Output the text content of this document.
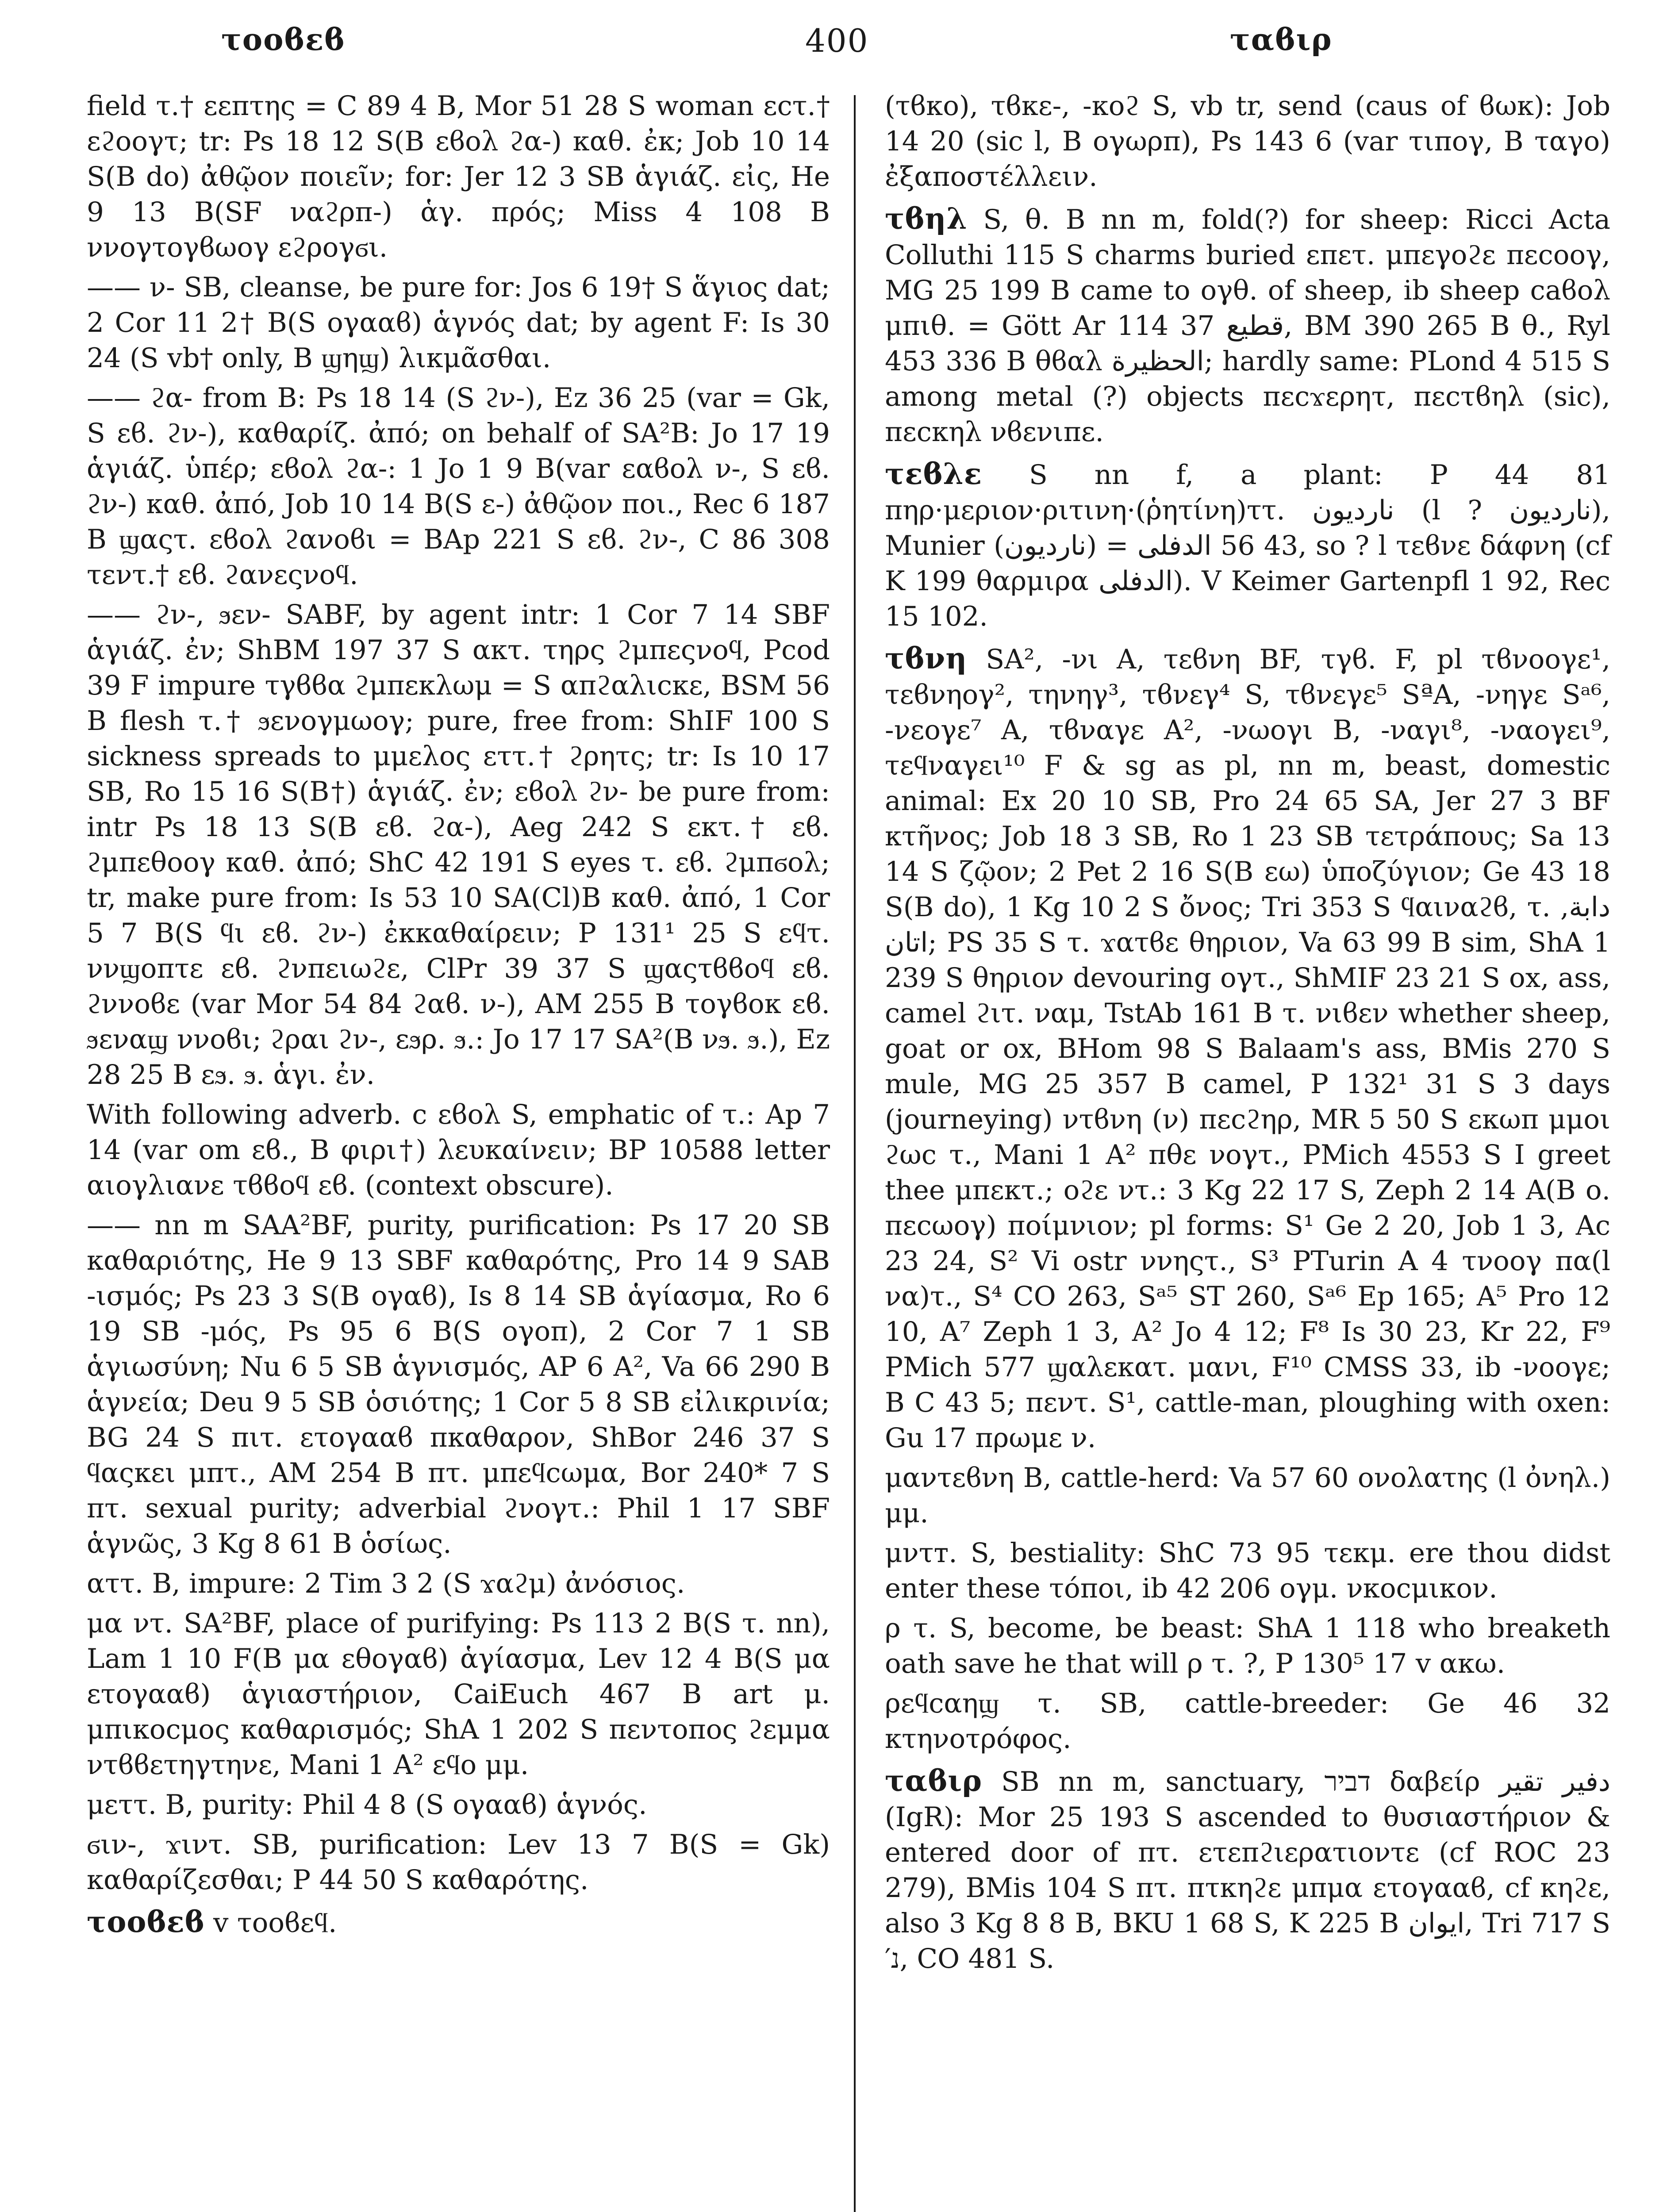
τοοϐεϐ	400	ταϐιρ

field τ.† εεπτης = C 89 4 B, Mor 51 28 S woman εcτ.† εϩοογτ; tr: Ps 18 12 S(B εϐολ ϩα-) καθ. ἐκ; Job 10 14 S(B do) ἀθῷον ποιεῖν; for: Jer 12 3 SB ἁγιάζ. εἰς, He 9 13 B(SF ναϩρπ-) ἁγ. πρός; Miss 4 108 B ννογτογϐωογ εϩρογϭι.

—— ν- SB, cleanse, be pure for: Jos 6 19† S ἅγιος dat; 2 Cor 11 2† B(S ογααϐ) ἁγνός dat; by agent F: Is 30 24 (S vb† only, B ϣηϣ) λικμᾶσθαι.

—— ϩα- from B: Ps 18 14 (S ϩν-), Ez 36 25 (var = Gk, S εϐ. ϩν-), καθαρίζ. ἀπό; on behalf of SA²B: Jo 17 19 ἁγιάζ. ὑπέρ; εϐολ ϩα-: 1 Jo 1 9 B(var εαϐολ ν-, S εϐ. ϩν-) καθ. ἀπό, Job 10 14 B(S ε-) ἀθῷον ποι., Rec 6 187 B ϣαςτ. εϐολ ϩανοϐι = BAp 221 S εϐ. ϩν-, C 86 308 τεντ.† εϐ. ϩανεςνοϥ.

—— ϩν-, ϧεν- SABF, by agent intr: 1 Cor 7 14 SBF ἁγιάζ. ἐν; ShBM 197 37 S ακτ. τηρς ϩμπεςνοϥ, Pcod 39 F impure τγϐϐα ϩμπεκλωμ = S απϩαλιcκε, BSM 56 B flesh τ.† ϧενογμωογ; pure, free from: ShIF 100 S sickness spreads to μμελος εττ.† ϩρητς; tr: Is 10 17 SB, Ro 15 16 S(B†) ἁγιάζ. ἐν; εϐολ ϩν- be pure from: intr Ps 18 13 S(B εϐ. ϩα-), Aeg 242 S εκτ.† εϐ. ϩμπεθοογ καθ. ἀπό; ShC 42 191 S eyes τ. εϐ. ϩμπϭολ; tr, make pure from: Is 53 10 SA(Cl)B καθ. ἀπό, 1 Cor 5 7 B(S ϥι εϐ. ϩν-) ἐκκαθαίρειν; P 131¹ 25 S εϥτ. ννϣοπτε εϐ. ϩνπειωϩε, ClPr 39 37 S ϣαςτϐϐοϥ εϐ. ϩννοϐε (var Mor 54 84 ϩαϐ. ν-), AM 255 B τογϐοκ εϐ. ϧεναϣ ννοϐι; ϩραι ϩν-, εϧρ. ϧ.: Jo 17 17 SA²(B νϧ. ϧ.), Ez 28 25 B εϧ. ϧ. ἁγι. ἐν.

With following adverb. c εϐολ S, emphatic of τ.: Ap 7 14 (var om εϐ., B φιρι†) λευκαίνειν; BP 10588 letter αιογλιανε τϐϐοϥ εϐ. (context obscure).

—— nn m SAA²BF, purity, purification: Ps 17 20 SB καθαριότης, He 9 13 SBF καθαρότης, Pro 14 9 SAB -ισμός; Ps 23 3 S(B ογαϐ), Is 8 14 SB ἁγίασμα, Ro 6 19 SB -μός, Ps 95 6 B(S ογοπ), 2 Cor 7 1 SB ἁγιωσύνη; Nu 6 5 SB ἁγνισμός, AP 6 A², Va 66 290 B ἁγνεία; Deu 9 5 SB ὁσιότης; 1 Cor 5 8 SB εἰλικρινία; BG 24 S πιτ. ετογααϐ πκαθαρον, ShBor 246 37 S ϥαςκει μπτ., AM 254 B πτ. μπεϥcωμα, Bor 240* 7 S πτ. sexual purity; adverbial ϩνογτ.: Phil 1 17 SBF ἁγνῶς, 3 Kg 8 61 B ὁσίως.

αττ. B, impure: 2 Tim 3 2 (S ϫαϩμ) ἀνόσιος.

μα ντ. SA²BF, place of purifying: Ps 113 2 B(S τ. nn), Lam 1 10 F(B μα εθογαϐ) ἁγίασμα, Lev 12 4 B(S μα ετογααϐ) ἁγιαστήριον, CaiEuch 467 B art μ. μπικοcμος καθαρισμός; ShA 1 202 S πεντοπος ϩεμμα ντϐϐετηγτηνε, Mani 1 A² εϥο μμ.

μεττ. B, purity: Phil 4 8 (S ογααϐ) ἁγνός.

ϭιν-, ϫιντ. SB, purification: Lev 13 7 B(S = Gk) καθαρίζεσθαι; P 44 50 S καθαρότης.

τοοϐεϐ v τοοϐεϥ.

(τϐκο), τϐκε-, -κοϩ S, vb tr, send (caus of ϐωκ): Job 14 20 (sic l, B ογωρπ), Ps 143 6 (var τιπογ, B ταγο) ἐξαποστέλλειν.

τϐηλ S, θ. B nn m, fold(?) for sheep: Ricci Acta Colluthi 115 S charms buried επετ. μπεγοϩε πεcοογ, MG 25 199 B came to ογθ. of sheep, ib sheep caϐολ μπιθ. = Gött Ar 114 37 قطيع, BM 390 265 B θ., Ryl 453 336 B θϐαλ الحظيرة; hardly same: PLond 4 515 S among metal (?) objects πεcϫερητ, πεcτϐηλ (sic), πεcκηλ νϐενιπε.

τεϐλε S nn f, a plant: P 44 81 πηρ·μεριον·ριτινη·(ῥητίνη)ττ. نارديون (l ? نارديون), Munier (نارديون) = 43 56 الدفلى, so ? l τεϐνε δάφνη (cf K 199 θαρμιρα الدفلى). V Keimer Gartenpfl 1 92, Rec 15 102.

τϐνη SA², -νι A, τεϐνη BF, τγϐ. F, pl τϐνοογε¹, τεϐνηογ², τηνηγ³, τϐνεγ⁴ S, τϐνεγε⁵ SªA, -νηγε Sᵃ⁶, -νεογε⁷ A, τϐναγε A², -νωογι B, -ναγι⁸, -ναογει⁹, τεϥναγει¹⁰ F & sg as pl, nn m, beast, domestic animal: Ex 20 10 SB, Pro 24 65 SA, Jer 27 3 BF κτῆνος; Job 18 3 SB, Ro 1 23 SB τετράπους; Sa 13 14 S ζῷον; 2 Pet 2 16 S(B εω) ὑποζύγιον; Ge 43 18 S(B do), 1 Kg 10 2 S ὄνος; Tri 353 S ϥαιναϩϐ, τ. دابة, اتان; PS 35 S τ. ϫατϐε θηριον, Va 63 99 B sim, ShA 1 239 S θηριον devouring ογτ., ShMIF 23 21 S ox, ass, camel ϩιτ. ναμ, TstAb 161 B τ. νιϐεν whether sheep, goat or ox, BHom 98 S Balaam's ass, BMis 270 S mule, MG 25 357 B camel, P 132¹ 31 S 3 days (journeying) ντϐνη (ν) πεcϩηρ, MR 5 50 S εκωπ μμοι ϩωc τ., Mani 1 A² πθε νογτ., PMich 4553 S I greet thee μπεκτ.; οϩε ντ.: 3 Kg 22 17 S, Zeph 2 14 A(B ο. πεcωογ) ποίμνιον; pl forms: S¹ Ge 2 20, Job 1 3, Ac 23 24, S² Vi ostr ννηςτ., S³ PTurin A 4 τνοογ πα(l να)τ., S⁴ CO 263, Sᵃ⁵ ST 260, Sᵃ⁶ Ep 165; A⁵ Pro 12 10, A⁷ Zeph 1 3, A² Jo 4 12; F⁸ Is 30 23, Kr 22, F⁹ PMich 577 ϣαλεκατ. μανι, F¹⁰ CMSS 33, ib -νοογε; B C 43 5; πεντ. S¹, cattle-man, ploughing with oxen: Gu 17 πρωμε ν.

μαντεϐνη B, cattle-herd: Va 57 60 ονολατης (l ὀνηλ.) μμ.

μντт. S, bestiality: ShC 73 95 τεκμ. ere thou didst enter these τόποι, ib 42 206 ογμ. νκοcμικον.

ρ τ. S, become, be beast: ShA 1 118 who breaketh oath save he that will ρ τ. ?, P 130⁵ 17 v ακω.

ρεϥcαηϣ τ. SB, cattle-breeder: Ge 46 32 κτηνοτρόφος.

ταϐιρ SB nn m, sanctuary, דביר δαβείρ دفير تقير (IgR): Mor 25 193 S ascended to θυσιαστήριον & entered door of πτ. ετεπϩιερατιοντε (cf ROC 23 279), BMis 104 S πτ. πτκηϩε μπμα ετογααϐ, cf κηϩε, also 3 Kg 8 8 B, BKU 1 68 S, K 225 B ايوان, Tri 717 S ′נ, CO 481 S.
